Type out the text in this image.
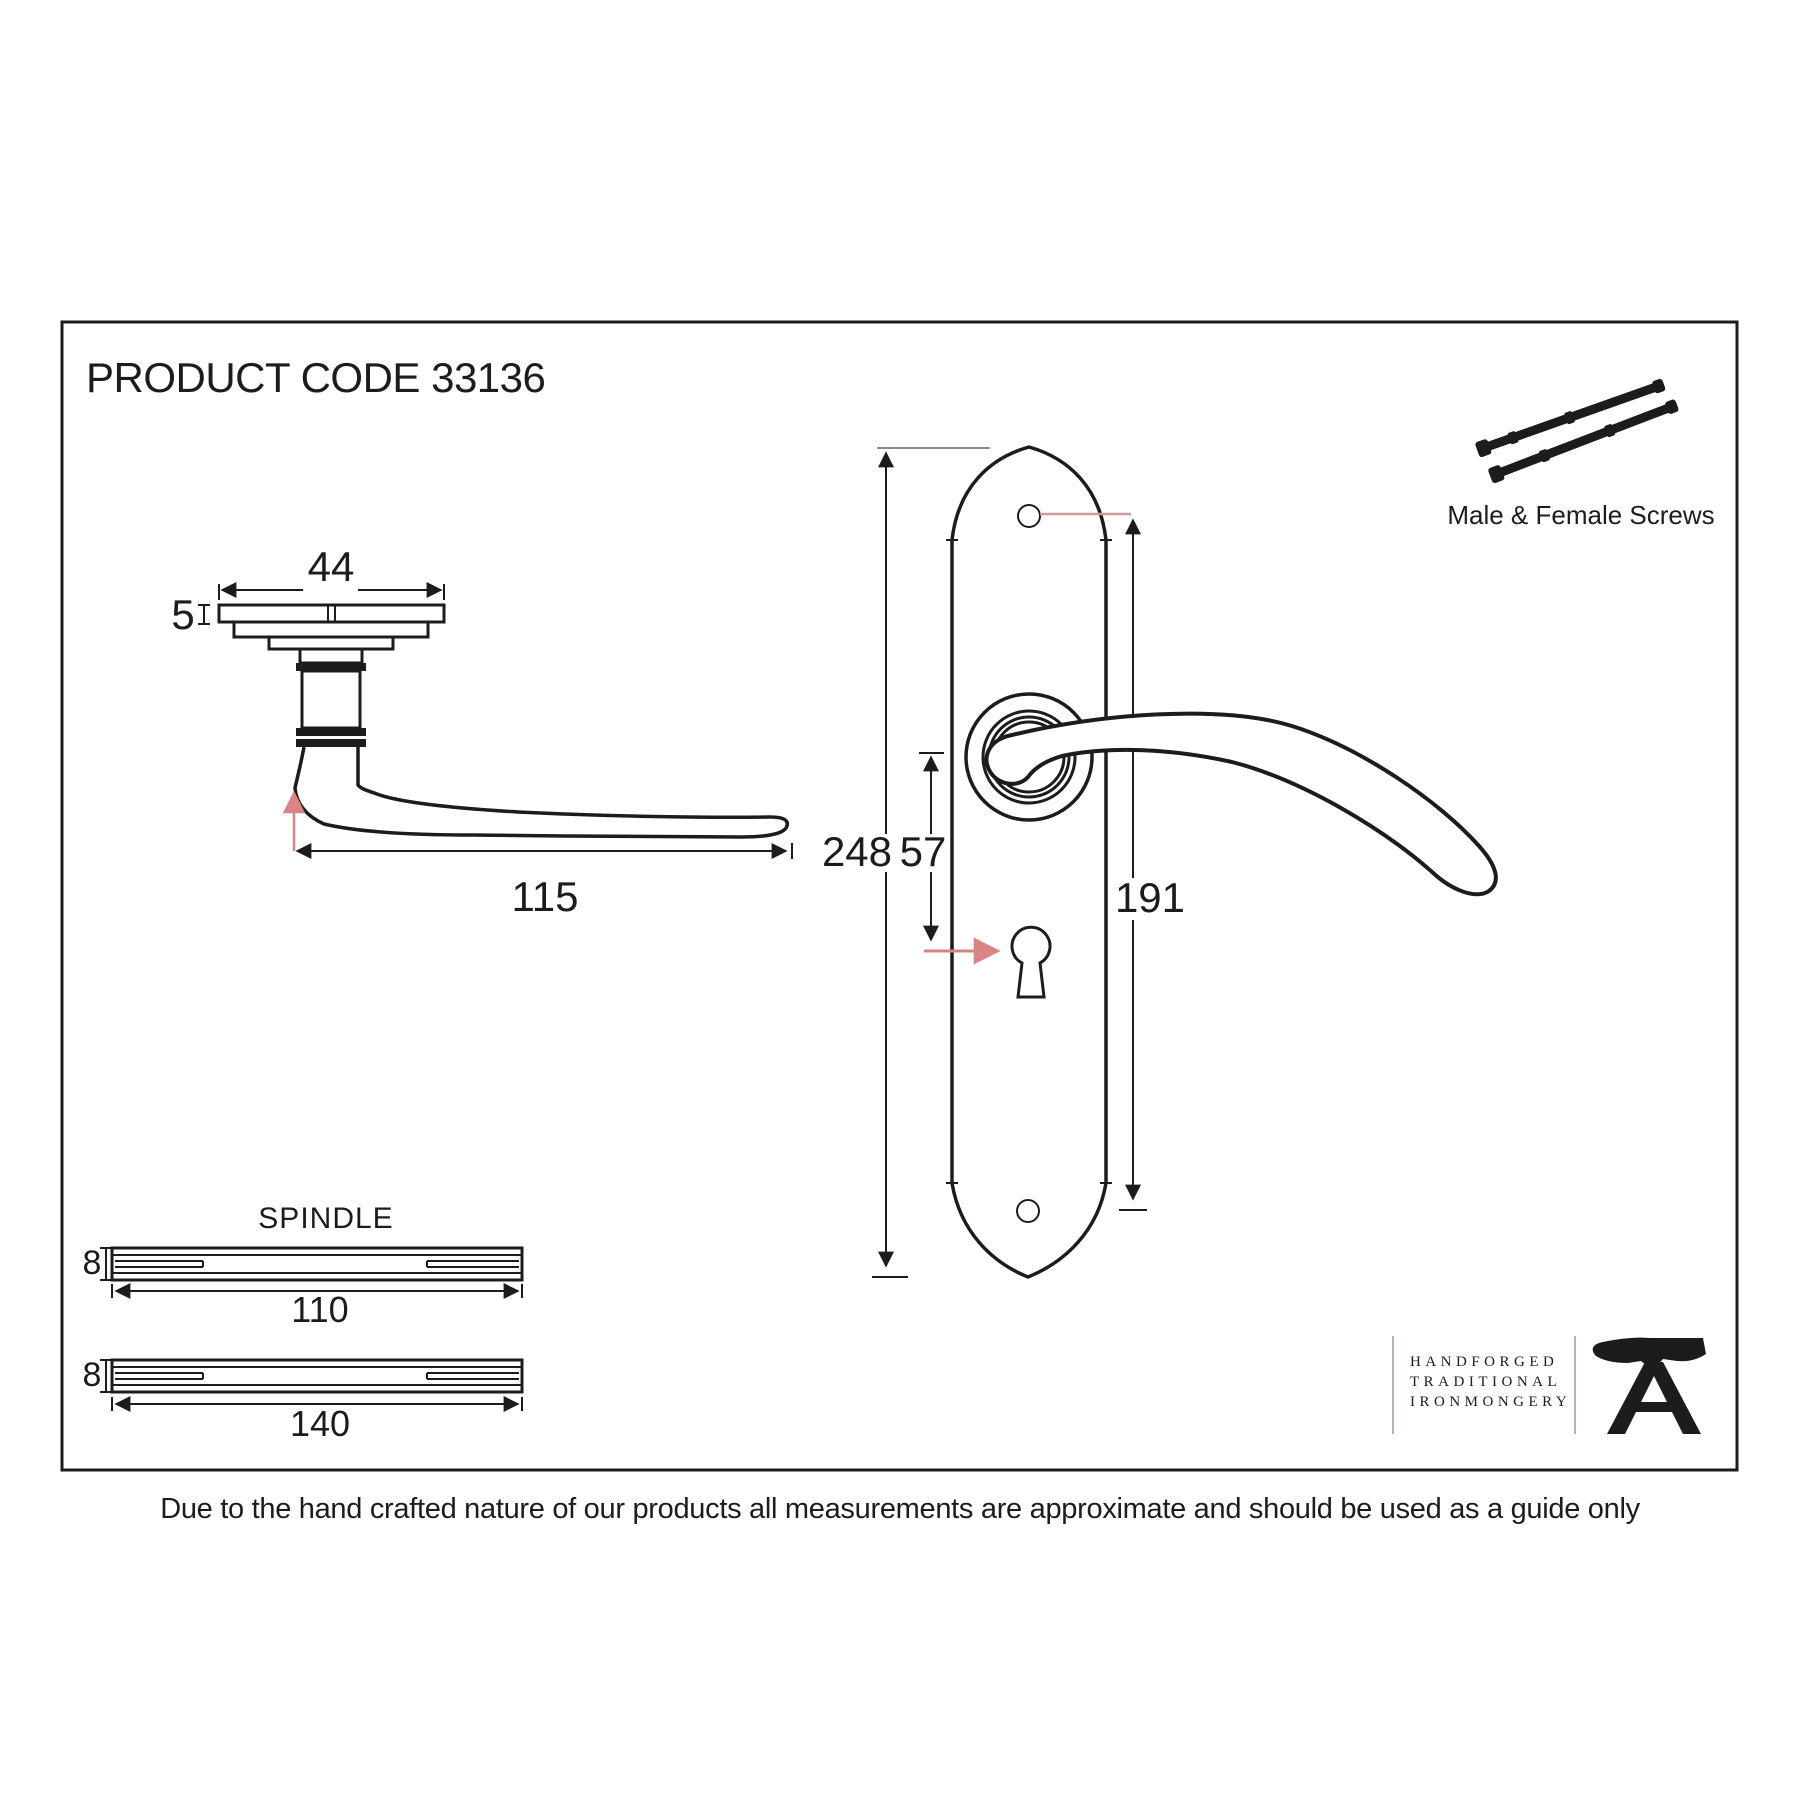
PRODUCT CODE 33136
Male & Female Screws
44
5
115
248 57
191
SPINDLE
8
110
8
140
HANDFORGED
TRADITIONAL
IRONMONGERY
Due to the hand crafted nature of our products all measurements are approximate and should be used as a guide only
